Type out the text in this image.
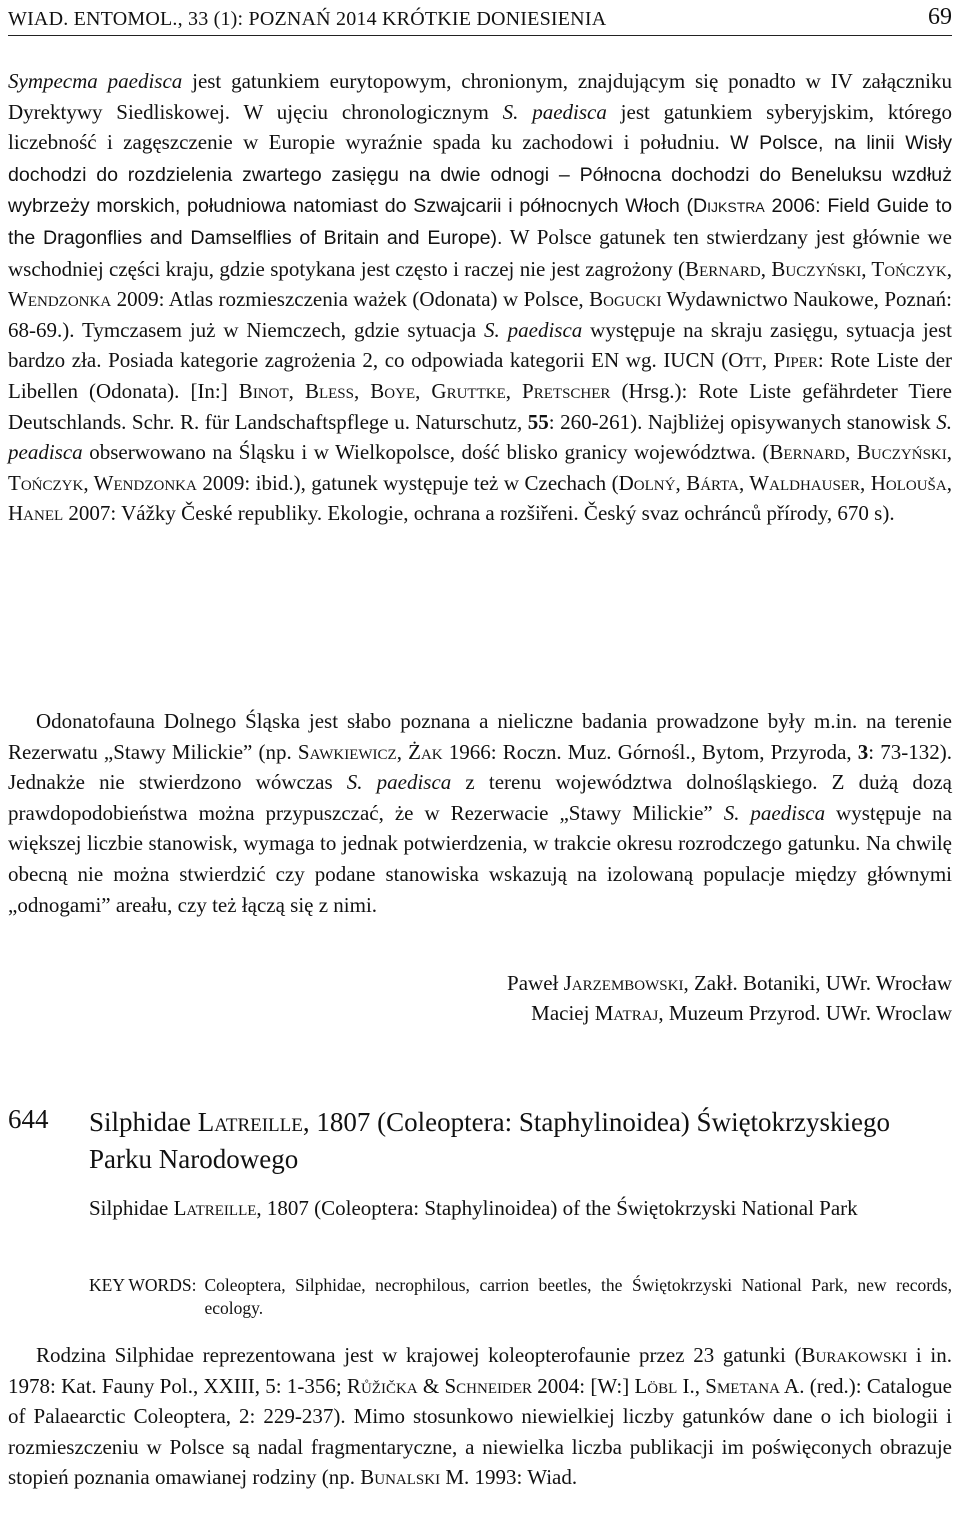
WIAD. ENTOMOL., 33 (1): POZNAŃ 2014 KRÓTKIE DONIESIENIA	69

Sympecma paedisca jest gatunkiem eurytopowym, chronionym, znajdującym się ponadto w IV załączniku Dyrektywy Siedliskowej. W ujęciu chronologicznym S. paedisca jest gatunkiem syberyjskim, którego liczebność i zagęszczenie w Europie wyraźnie spada ku zachodowi i południu. W Polsce, na linii Wisły dochodzi do rozdzielenia zwartego zasięgu na dwie odnogi – Północna dochodzi do Beneluksu wzdłuż wybrzeży morskich, południowa natomiast do Szwajcarii i północnych Włoch (Dijkstra 2006: Field Guide to the Dragonflies and Damselflies of Britain and Europe). W Polsce gatunek ten stwierdzany jest głównie we wschodniej części kraju, gdzie spotykana jest często i raczej nie jest zagrożony (Bernard, Buczyński, Tończyk, Wendzonka 2009: Atlas rozmieszczenia ważek (Odonata) w Polsce, Bogucki Wydawnictwo Naukowe, Poznań: 68-69.). Tymczasem już w Niemczech, gdzie sytuacja S. paedisca występuje na skraju zasięgu, sytuacja jest bardzo zła. Posiada kategorie zagrożenia 2, co odpowiada kategorii EN wg. IUCN (Ott, Piper: Rote Liste der Libellen (Odonata). [In:] Binot, Bless, Boye, Gruttke, Pretscher (Hrsg.): Rote Liste gefährdeter Tiere Deutschlands. Schr. R. für Landschaftspflege u. Naturschutz, 55: 260-261). Najbliżej opisywanych stanowisk S. peadisca obserwowano na Śląsku i w Wielkopolsce, dość blisko granicy województwa. (Bernard, Buczyński, Tończyk, Wendzonka 2009: ibid.), gatunek występuje też w Czechach (Dolný, Bárta, Waldhauser, Holouša, Hanel 2007: Vážky České republiky. Ekologie, ochrana a rozšiřeni. Český svaz ochránců přírody, 670 s).

Odonatofauna Dolnego Śląska jest słabo poznana a nieliczne badania prowadzone były m.in. na terenie Rezerwatu „Stawy Milickie” (np. Sawkiewicz, Żak 1966: Roczn. Muz. Górnośl., Bytom, Przyroda, 3: 73-132). Jednakże nie stwierdzono wówczas S. paedisca z terenu województwa dolnośląskiego. Z dużą dozą prawdopodobieństwa można przypuszczać, że w Rezerwacie „Stawy Milickie” S. paedisca występuje na większej liczbie stanowisk, wymaga to jednak potwierdzenia, w trakcie okresu rozrodczego gatunku. Na chwilę obecną nie można stwierdzić czy podane stanowiska wskazują na izolowaną populacje między głównymi „odnogami” areału, czy też łączą się z nimi.

Paweł Jarzembowski, Zakł. Botaniki, UWr. Wrocław
Maciej Matraj, Muzeum Przyrod. UWr. Wroclaw
644 Silphidae Latreille, 1807 (Coleoptera: Staphylinoidea) Świętokrzyskiego Parku Narodowego
Silphidae Latreille, 1807 (Coleoptera: Staphylinoidea) of the Świętokrzyski National Park
KEY WORDS: Coleoptera, Silphidae, necrophilous, carrion beetles, the Świętokrzyski National Park, new records, ecology.

Rodzina Silphidae reprezentowana jest w krajowej koleopterofaunie przez 23 gatunki (Burakowski i in. 1978: Kat. Fauny Pol., XXIII, 5: 1-356; Růžička & Schneider 2004: [W:] Löbl I., Smetana A. (red.): Catalogue of Palaearctic Coleoptera, 2: 229-237). Mimo stosunkowo niewielkiej liczby gatunków dane o ich biologii i rozmieszczeniu w Polsce są nadal fragmentaryczne, a niewielka liczba publikacji im poświęconych obrazuje stopień poznania omawianej rodziny (np. Bunalski M. 1993: Wiad.
